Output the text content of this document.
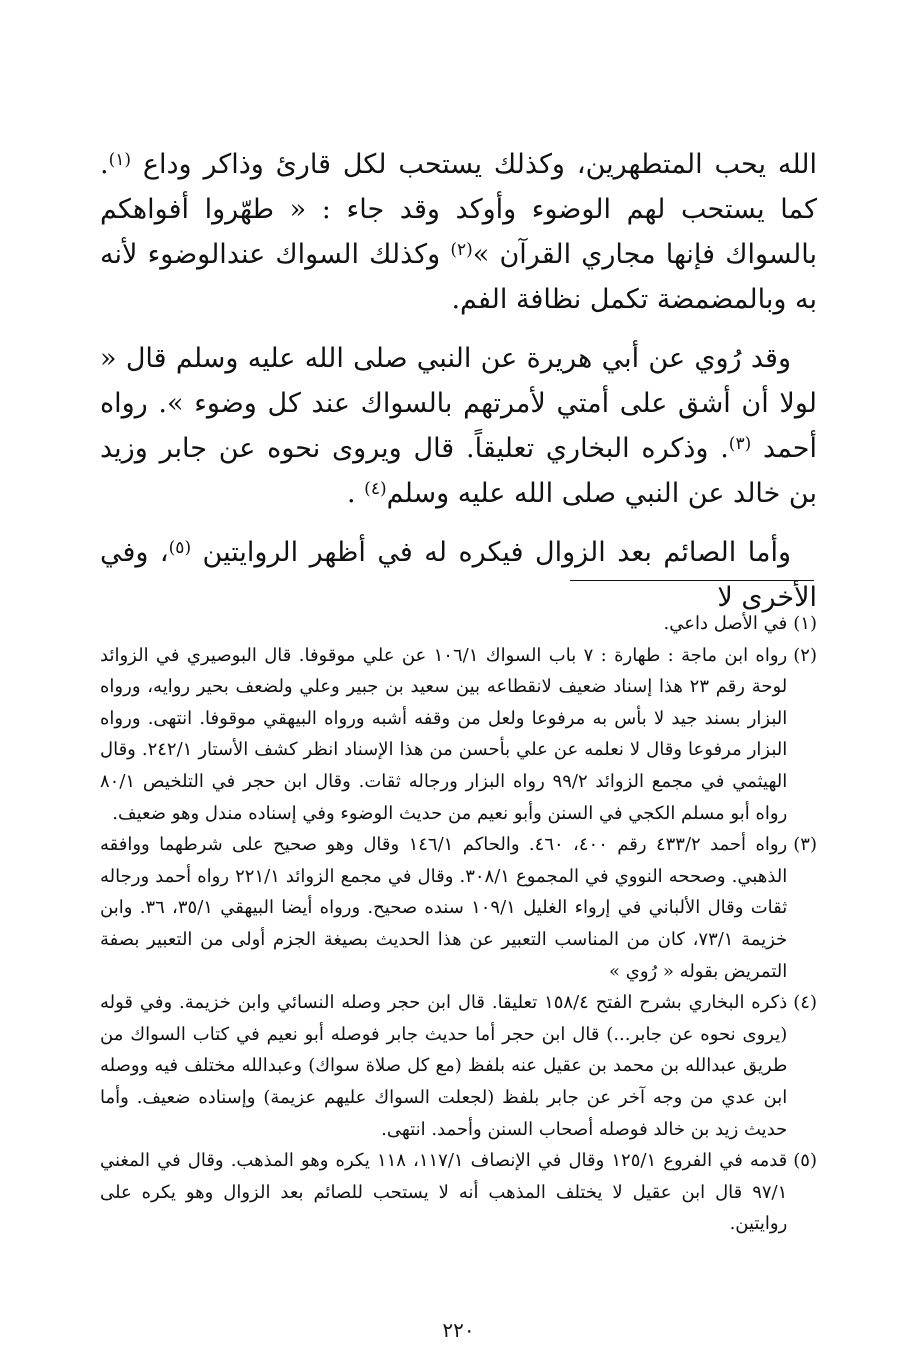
الله يحب المتطهرين، وكذلك يستحب لكل قارئ وذاكر وداع $^{(١)}$. كما يستحب لهم الوضوء وأوكد وقد جاء : « طهّروا أفواهكم بالسواك فإنها مجاري القرآن »$^{(٢)}$ وكذلك السواك عندالوضوء لأنه به وبالمضمضة تكمل نظافة الفم.

وقد رُوي عن أبي هريرة عن النبي صلى الله عليه وسلم قال « لولا أن أشق على أمتي لأمرتهم بالسواك عند كل وضوء ». رواه أحمد $^{(٣)}$. وذكره البخاري تعليقاً. قال ويروى نحوه عن جابر وزيد بن خالد عن النبي صلى الله عليه وسلم$^{(٤)}$ .

وأما الصائم بعد الزوال فيكره له في أظهر الروايتين $^{(٥)}$، وفي الأخرى لا

(١)
في الأصل داعي.
(٢)
رواه ابن ماجة : طهارة : ٧ باب السواك ١٠٦/١ عن علي موقوفا. قال البوصيري في الزوائد لوحة رقم ٢٣ هذا إسناد ضعيف لانقطاعه بين سعيد بن جبير وعلي ولضعف بحير روايه، ورواه البزار بسند جيد لا بأس به مرفوعا ولعل من وقفه أشبه ورواه البيهقي موقوفا. انتهى. ورواه البزار مرفوعا وقال لا نعلمه عن علي بأحسن من هذا الإسناد انظر كشف الأستار ٢٤٢/١. وقال الهيثمي في مجمع الزوائد ٩٩/٢ رواه البزار ورجاله ثقات. وقال ابن حجر في التلخيص ٨٠/١ رواه أبو مسلم الكجي في السنن وأبو نعيم من حديث الوضوء وفي إسناده مندل وهو ضعيف.
(٣)
رواه أحمد ٤٣٣/٢ رقم ٤٠٠، ٤٦٠. والحاكم ١٤٦/١ وقال وهو صحيح على شرطهما ووافقه الذهبي. وصححه النووي في المجموع ٣٠٨/١. وقال في مجمع الزوائد ٢٢١/١ رواه أحمد ورجاله ثقات وقال الألباني في إرواء الغليل ١٠٩/١ سنده صحيح. ورواه أيضا البيهقي ٣٥/١، ٣٦. وابن خزيمة ٧٣/١، كان من المناسب التعبير عن هذا الحديث بصيغة الجزم أولى من التعبير بصفة التمريض بقوله « رُوي »
(٤)
ذكره البخاري بشرح الفتح ١٥٨/٤ تعليقا. قال ابن حجر وصله النسائي وابن خزيمة. وفي قوله (يروى نحوه عن جابر...) قال ابن حجر أما حديث جابر فوصله أبو نعيم في كتاب السواك من طريق عبدالله بن محمد بن عقيل عنه بلفظ (مع كل صلاة سواك) وعبدالله مختلف فيه ووصله ابن عدي من وجه آخر عن جابر بلفظ (لجعلت السواك عليهم عزيمة) وإسناده ضعيف. وأما حديث زيد بن خالد فوصله أصحاب السنن وأحمد. انتهى.
(٥)
قدمه في الفروع ١٢٥/١ وقال في الإنصاف ١١٧/١، ١١٨ يكره وهو المذهب. وقال في المغني ٩٧/١ قال ابن عقيل لا يختلف المذهب أنه لا يستحب للصائم بعد الزوال وهو يكره على روايتين.
٢٢٠
